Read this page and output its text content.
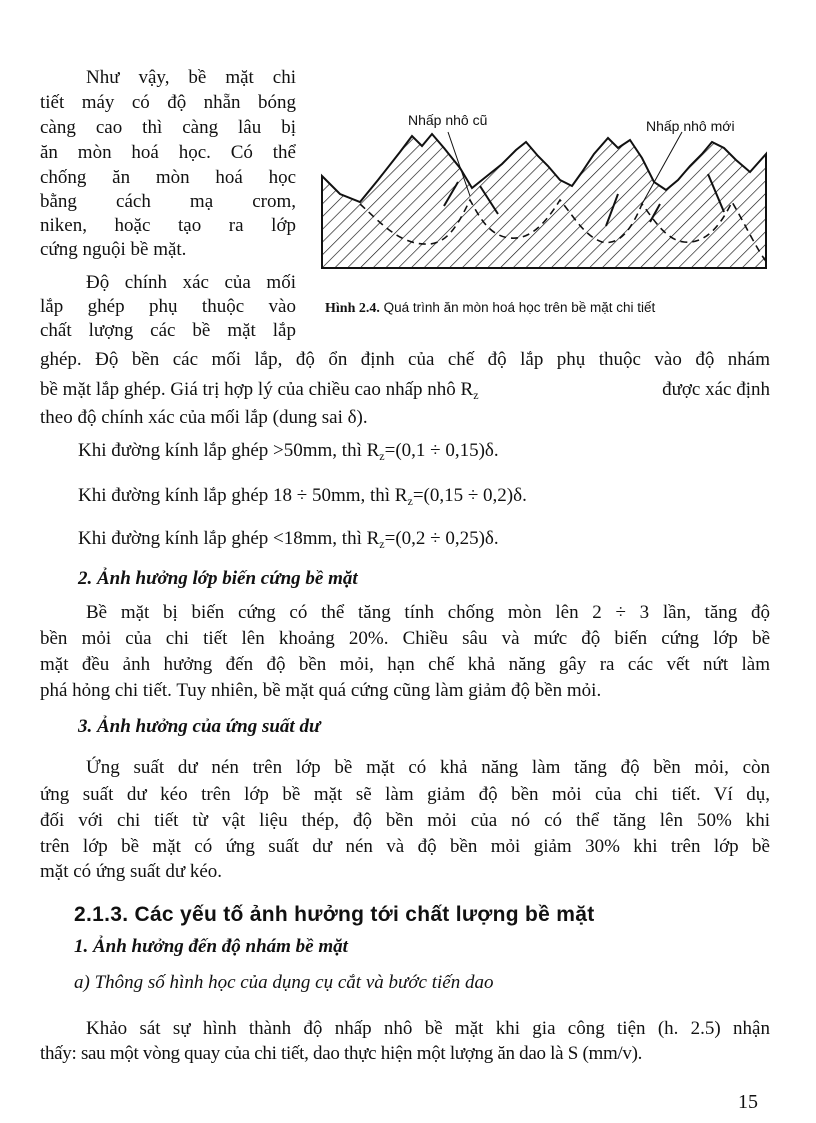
Như vậy, bề mặt chi

tiết máy có độ nhẵn bóng

càng cao thì càng lâu bị

ăn mòn hoá học. Có thể

chống ăn mòn hoá học

bằng cách mạ crom,

niken, hoặc tạo ra lớp

cứng nguội bề mặt.

Nhấp nhô cũ	Nhấp nhô mới

Hình 2.4. Quá trình ăn mòn hoá học trên bề mặt chi tiết

Độ chính xác của mối

lắp ghép phụ thuộc vào

chất lượng các bề mặt lắp

ghép. Độ bền các mối lắp, độ ổn định của chế độ lắp phụ thuộc vào độ nhám

bề mặt lắp ghép. Giá trị hợp lý của chiều cao nhấp nhô $R_z$	được xác định

theo độ chính xác của mối lắp (dung sai δ).

Khi đường kính lắp ghép >50mm, thì $R_z=(0,1 \div 0,15)\delta$.

Khi đường kính lắp ghép 18 ÷ 50mm, thì $R_z=(0,15 \div 0,2)\delta$.

Khi đường kính lắp ghép <18mm, thì $R_z=(0,2 \div 0,25)\delta$.

2. Ảnh hưởng lớp biến cứng bề mặt

Bề mặt bị biến cứng có thể tăng tính chống mòn lên 2 ÷ 3 lần, tăng độ

bền mỏi của chi tiết lên khoảng 20%. Chiều sâu và mức độ biến cứng lớp bề

mặt đều ảnh hưởng đến độ bền mỏi, hạn chế khả năng gây ra các vết nứt làm

phá hỏng chi tiết. Tuy nhiên, bề mặt quá cứng cũng làm giảm độ bền mỏi.

3. Ảnh hưởng của ứng suất dư

Ứng suất dư nén trên lớp bề mặt có khả năng làm tăng độ bền mỏi, còn

ứng suất dư kéo trên lớp bề mặt sẽ làm giảm độ bền mỏi của chi tiết. Ví dụ,

đối với chi tiết từ vật liệu thép, độ bền mỏi của nó có thể tăng lên 50% khi

trên lớp bề mặt có ứng suất dư nén và độ bền mỏi giảm 30% khi trên lớp bề

mặt có ứng suất dư kéo.

2.1.3. Các yếu tố ảnh hưởng tới chất lượng bề mặt

1. Ảnh hưởng đến độ nhám bề mặt

a) Thông số hình học của dụng cụ cắt và bước tiến dao

Khảo sát sự hình thành độ nhấp nhô bề mặt khi gia công tiện (h. 2.5) nhận

thấy: sau một vòng quay của chi tiết, dao thực hiện một lượng ăn dao là S (mm/v).

15
